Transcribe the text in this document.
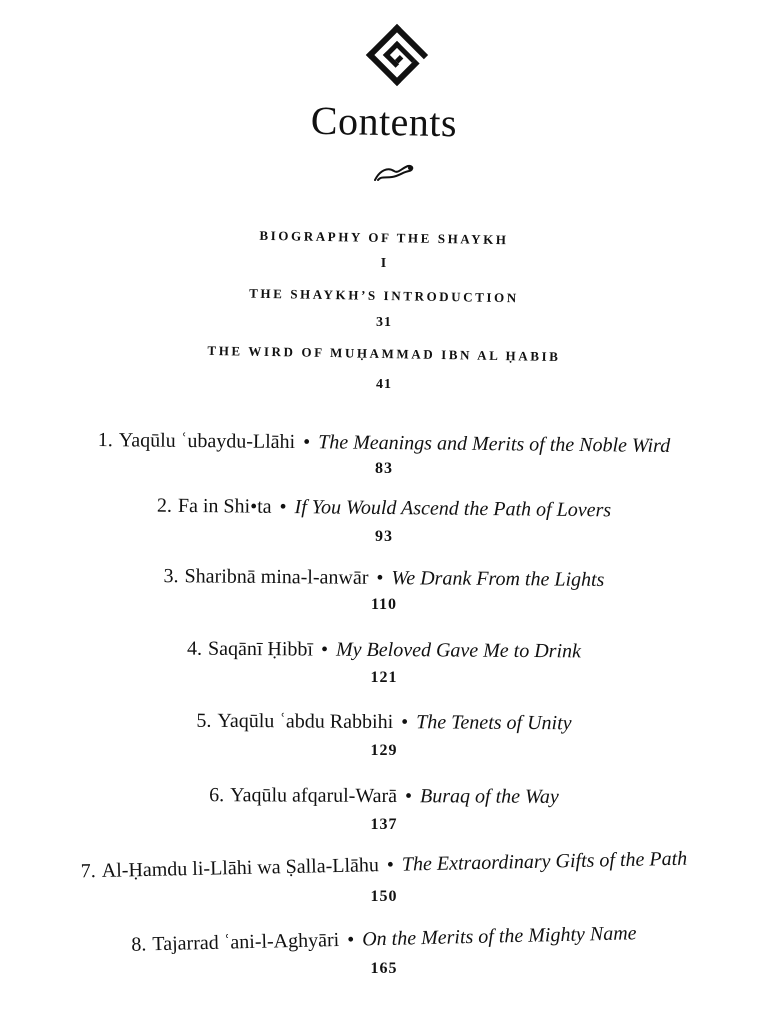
Contents
BIOGRAPHY OF THE SHAYKH
I
THE SHAYKH’S INTRODUCTION
31
THE WIRD OF MUḤAMMAD IBN AL ḤABIB
41
1. Yaqūlu ʿubaydu-Llāhi • The Meanings and Merits of the Noble Wird
83
2. Fa in Shi•ta • If You Would Ascend the Path of Lovers
93
3. Sharibnā mina-l-anwār • We Drank From the Lights
110
4. Saqānī Ḥibbī • My Beloved Gave Me to Drink
121
5. Yaqūlu ʿabdu Rabbihi • The Tenets of Unity
129
6. Yaqūlu afqarul-Warā • Buraq of the Way
137
7. Al-Ḥamdu li-Llāhi wa Ṣalla-Llāhu • The Extraordinary Gifts of the Path
150
8. Tajarrad ʿani-l-Aghyāri • On the Merits of the Mighty Name
165
